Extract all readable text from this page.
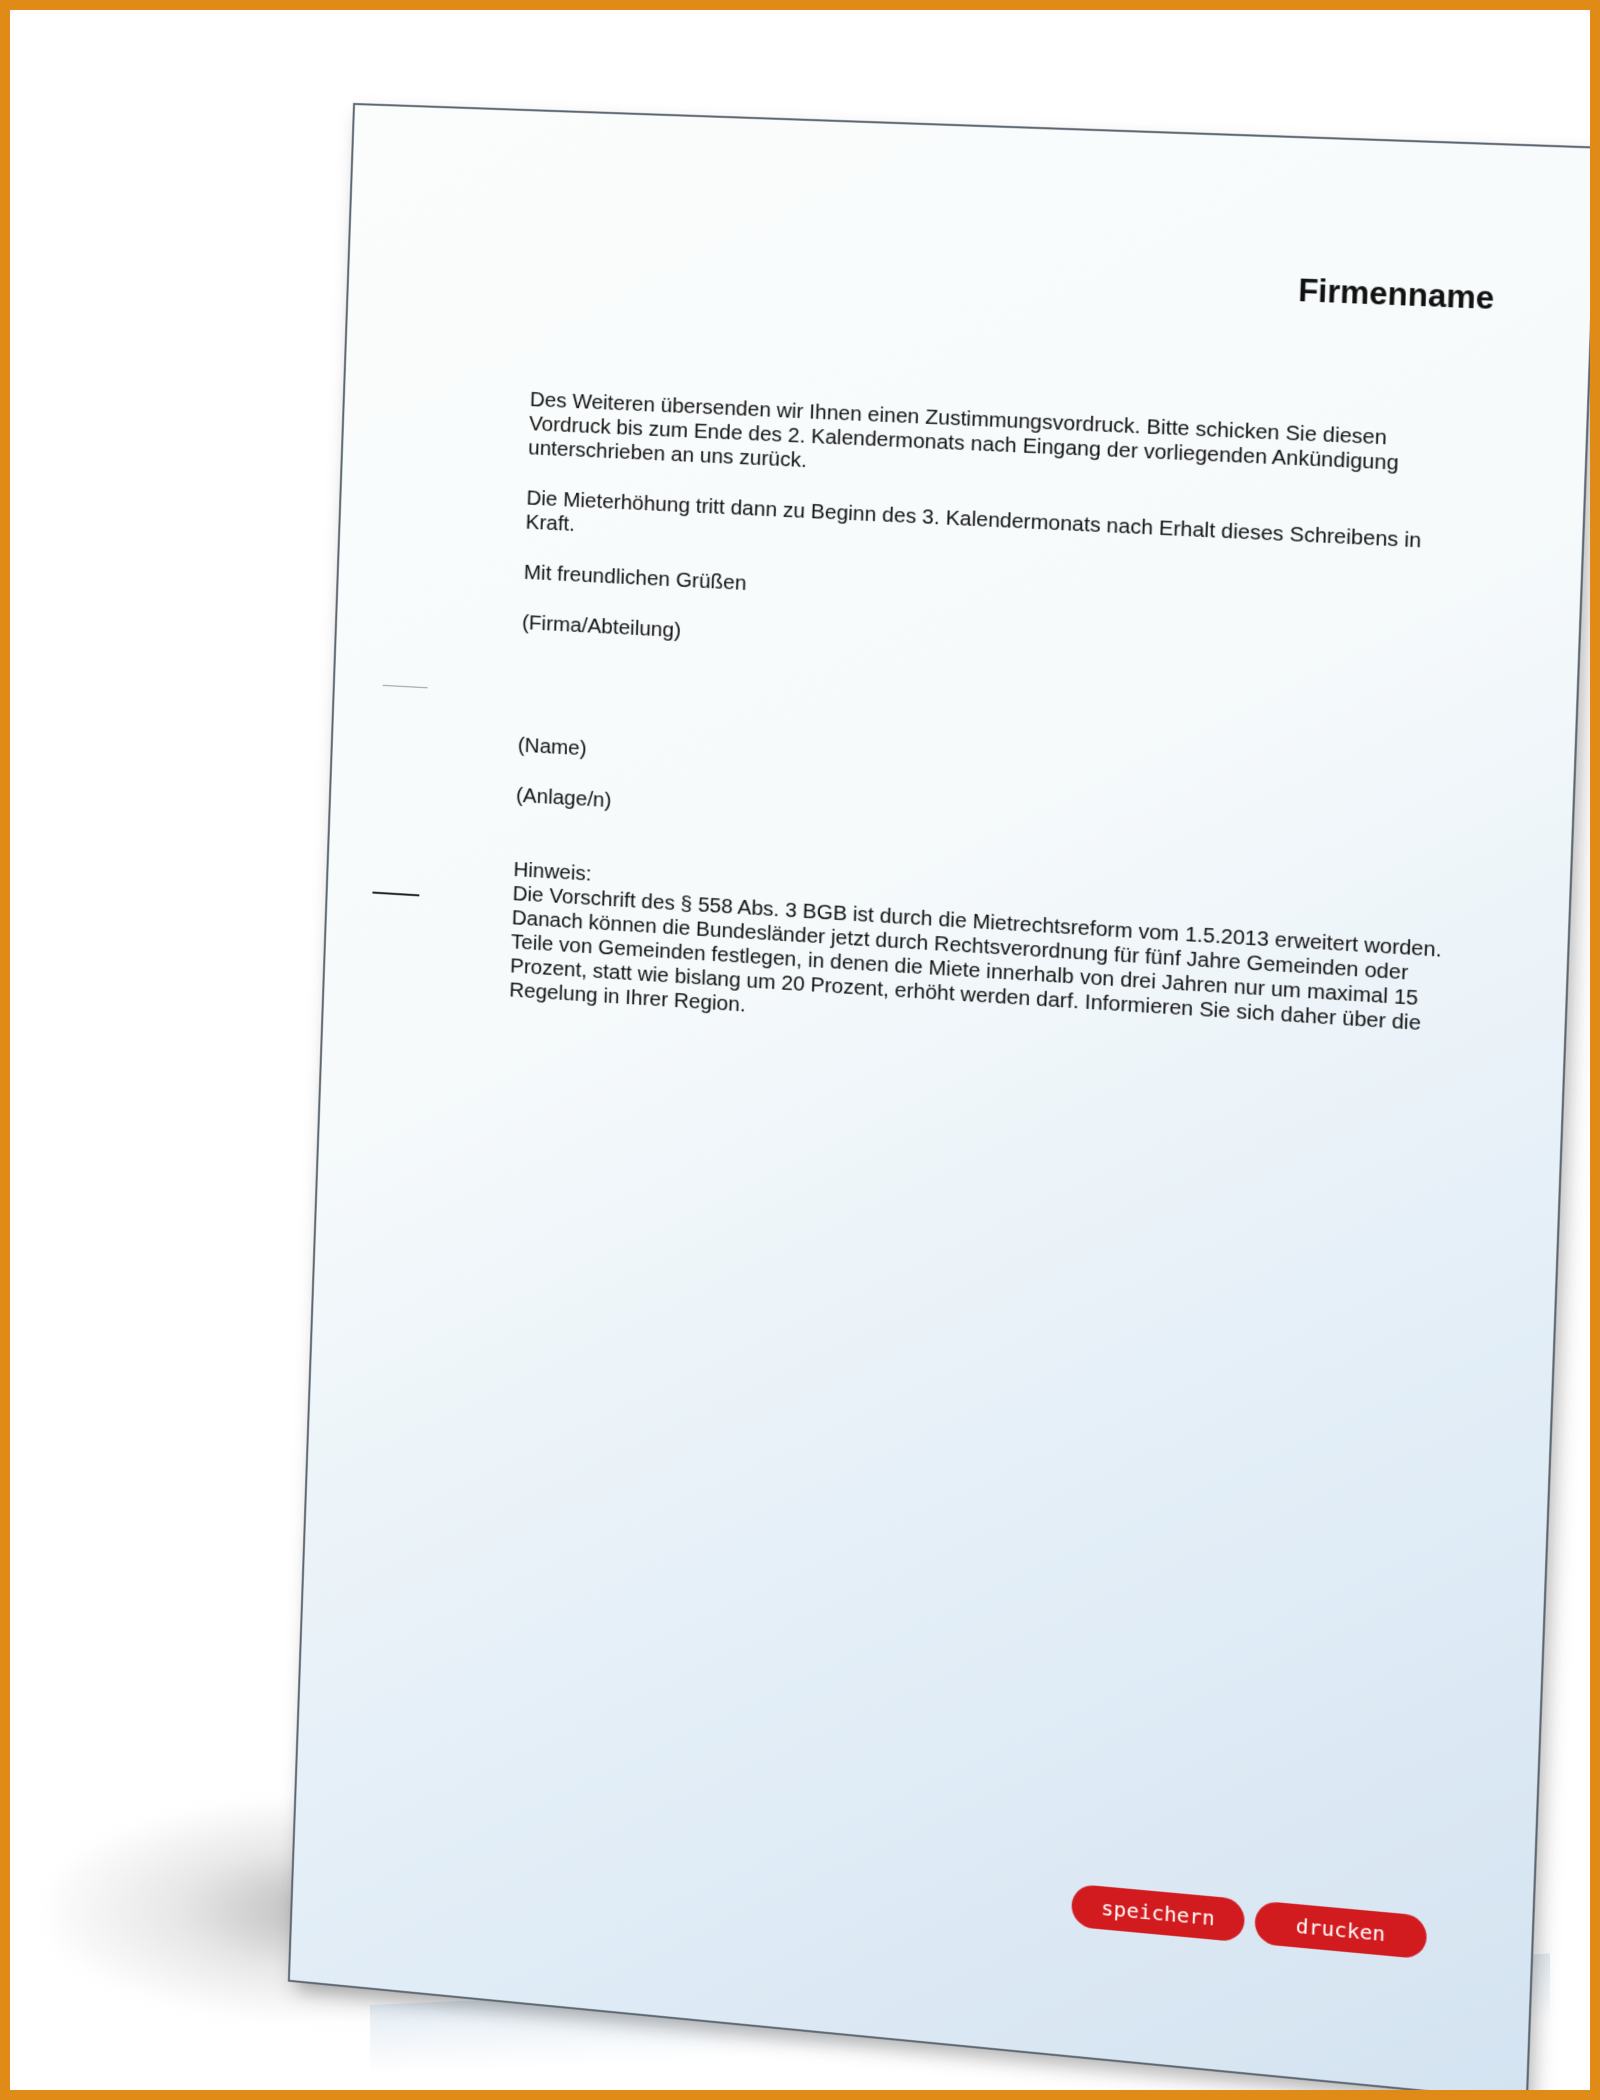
Firmenname

Des Weiteren übersenden wir Ihnen einen Zustimmungsvordruck. Bitte schicken Sie diesen Vordruck bis zum Ende des 2. Kalendermonats nach Eingang der vorliegenden Ankündigung unterschrieben an uns zurück.

Die Mieterhöhung tritt dann zu Beginn des 3. Kalendermonats nach Erhalt dieses Schreibens in Kraft.

Mit freundlichen Grüßen

(Firma/Abteilung)

(Name)

(Anlage/n)

Hinweis:
Die Vorschrift des § 558 Abs. 3 BGB ist durch die Mietrechtsreform vom 1.5.2013 erweitert worden. Danach können die Bundesländer jetzt durch Rechtsverordnung für fünf Jahre Gemeinden oder Teile von Gemeinden festlegen, in denen die Miete innerhalb von drei Jahren nur um maximal 15 Prozent, statt wie bislang um 20 Prozent, erhöht werden darf. Informieren Sie sich daher über die Regelung in Ihrer Region.
speichern	drucken
